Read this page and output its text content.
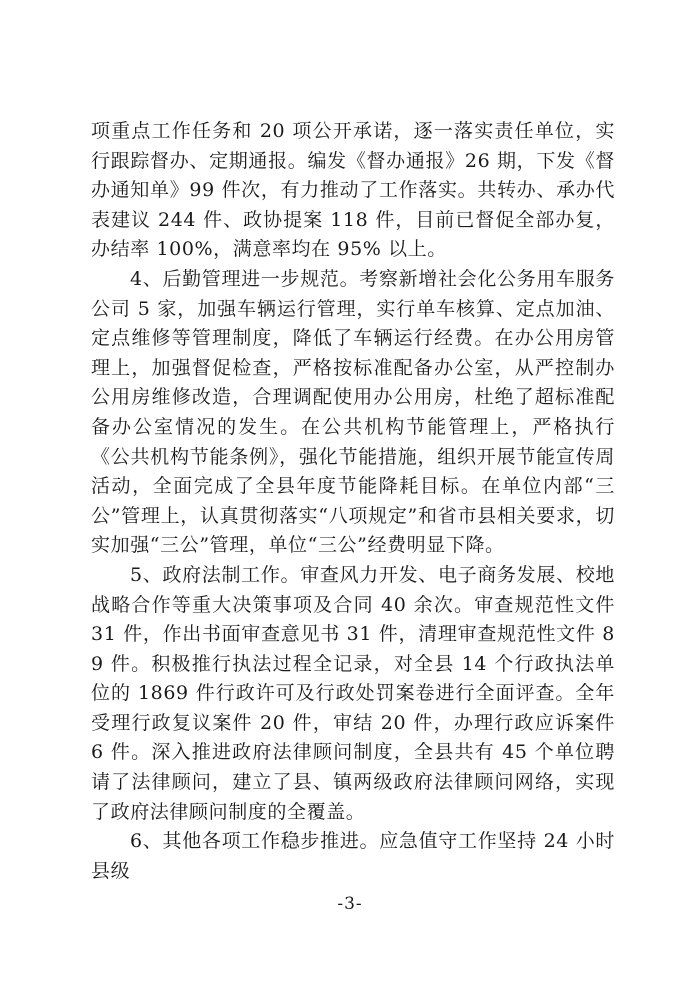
项重点工作任务和 20 项公开承诺，逐一落实责任单位，实行跟踪督办、定期通报。编发《督办通报》26 期，下发《督办通知单》99 件次，有力推动了工作落实。共转办、承办代表建议 244 件、政协提案 118 件，目前已督促全部办复，办结率 100%，满意率均在 95% 以上。

4、后勤管理进一步规范。考察新增社会化公务用车服务公司 5 家，加强车辆运行管理，实行单车核算、定点加油、定点维修等管理制度，降低了车辆运行经费。在办公用房管理上，加强督促检查，严格按标准配备办公室，从严控制办公用房维修改造，合理调配使用办公用房，杜绝了超标准配备办公室情况的发生。在公共机构节能管理上，严格执行《公共机构节能条例》，强化节能措施，组织开展节能宣传周活动，全面完成了全县年度节能降耗目标。在单位内部“三公”管理上，认真贯彻落实“八项规定”和省市县相关要求，切实加强“三公”管理，单位“三公”经费明显下降。

5、政府法制工作。审查风力开发、电子商务发展、校地战略合作等重大决策事项及合同 40 余次。审查规范性文件 31 件，作出书面审查意见书 31 件，清理审查规范性文件 89 件。积极推行执法过程全记录，对全县 14 个行政执法单位的 1869 件行政许可及行政处罚案卷进行全面评查。全年受理行政复议案件 20 件，审结 20 件，办理行政应诉案件 6 件。深入推进政府法律顾问制度，全县共有 45 个单位聘请了法律顾问，建立了县、镇两级政府法律顾问网络，实现了政府法律顾问制度的全覆盖。

6、其他各项工作稳步推进。应急值守工作坚持 24 小时县级

-3-
